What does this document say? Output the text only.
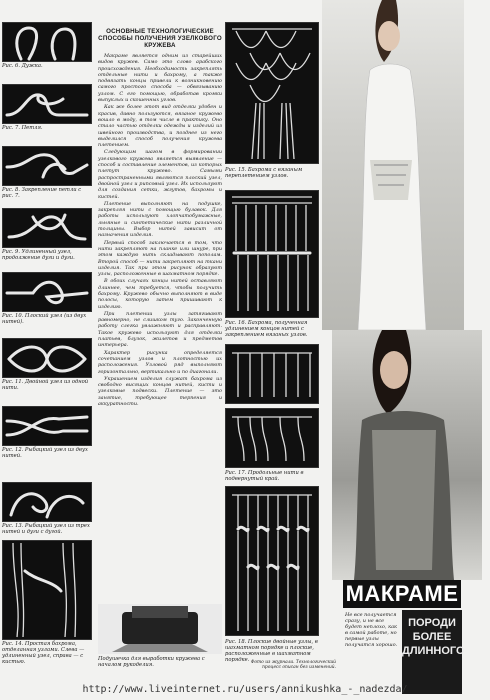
Рис. 6. Дужка.
Рис. 7. Петля.
Рис. 8. Закрепление петли с рис. 7.
Рис. 9. Удлиненный узел, продолжение дуги и дуги.
Рис. 10. Плоский узел (из двух нитей).
Рис. 11. Двойной узел из одной нити.
Рис. 12. Рыбацкий узел из двух нитей.
Рис. 13. Рыбацкий узел из трех нитей и дуги с дугой.
Рис. 14. Простая бахрома, отделанная узлами. Слева — удлиненный узел, справа — с кистью.
ОСНОВНЫЕ ТЕХНОЛОГИЧЕСКИЕ СПОСОБЫ ПОЛУЧЕНИЯ УЗЕЛКОВОГО КРУЖЕВА

Макраме является одним из старейших видов кружев. Само это слово арабского происхождения. Необходимость закреплять отдельные нити и бахрому, а также подвязать концы привели к возникновению самого простого способа — обвязыванию узлом. С его помощью, обработав кромки выпуклых и скошенных углов.

Как же более этот вид отделки удобен и красив, давно пользуются, вязаное кружево вошло в моду, в том числе в практику. Оно стало частью отделки одежды и изделий из швейного производства, и позднее из него выделился способ получения кружева плетением.

Следующим шагом в формировании узелкового кружева является выявление — способ и составление элементов, из которых плетут кружево. Самыми распространенными являются плоский узел, двойной узел и рипсовый узел. Их используют для создания сетки, жгутов, бахромы и кистей.

Плетение выполняют на подушке, закрепляя нити с помощью булавок. Для работы используют хлопчатобумажные, льняные и синтетические нити различной толщины. Выбор нитей зависит от назначения изделия.

Первый способ заключается в том, что нити закрепляют на планке или шнуре, при этом каждую нить складывают пополам. Второй способ — нити закрепляют на ткани изделия. Так при этом рисунок образуют узлы, расположенные в шахматном порядке.

В обоих случаях концы нитей оставляют длиннее, чем требуется, чтобы получить бахрому. Кружево обычно выполняют в виде полосы, которую затем пришивают к изделию.

При плетении узлы затягивают равномерно, не слишком туго. Законченную работу слегка увлажняют и расправляют. Такое кружево используют для отделки платьев, блузок, жилетов и предметов интерьера.

Характер рисунка определяется сочетанием узлов и плотностью их расположения. Узловой ряд выполняют горизонтально, вертикально и по диагонали.

Украшением изделия служат бахрома из свободно висящих концов нитей, кисти и узелковые подвески. Плетение — это занятие, требующее терпения и аккуратности.

Рис. 15. Бахрома с вязаным переплетением узлов.
Рис. 16. Бахрома, полученная удлинением концов нитей с закреплением вязаных узлов.
Рис. 17. Продольные нити в подвернутый край.
Рис. 18. Плоские двойные узлы, в шахматном порядке и плоские, расположенные в шахматном порядке.
Подушечка для выработки кружева с началом рукоделия.	Фото из журнала. Технологический процесс описан без изменений.
МАКРАМЕ
ПОРОДИ БОЛЕЕ ДЛИННОГО
Не все получается сразу, и не все будет неплохо, как в самой работе, но первые узлы получатся хорошо.
http://www.liveinternet.ru/users/annikushka_-_nadezda/
